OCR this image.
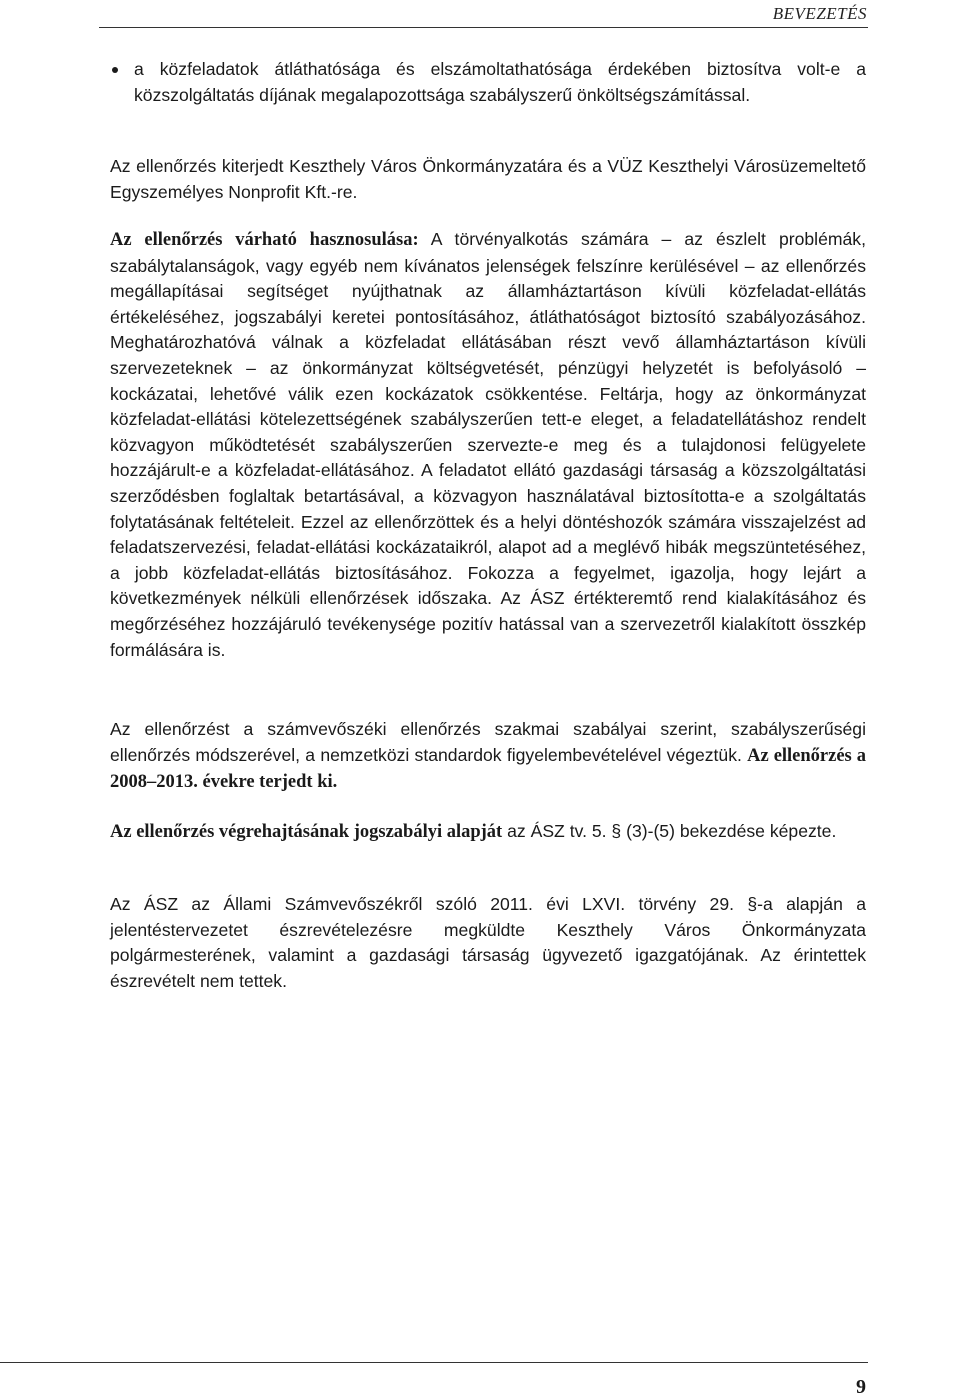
BEVEZETÉS
a közfeladatok átláthatósága és elszámoltathatósága érdekében biztosítva volt-e a közszolgáltatás díjának megalapozottsága szabályszerű önköltségszámítással.

Az ellenőrzés kiterjedt Keszthely Város Önkormányzatára és a VÜZ Keszthelyi Városüzemeltető Egyszemélyes Nonprofit Kft.-re.

Az ellenőrzés várható hasznosulása: A törvényalkotás számára – az észlelt problémák, szabálytalanságok, vagy egyéb nem kívánatos jelenségek felszínre kerülésével – az ellenőrzés megállapításai segítséget nyújthatnak az államháztartáson kívüli közfeladat-ellátás értékeléséhez, jogszabályi keretei pontosításához, átláthatóságot biztosító szabályozásához. Meghatározhatóvá válnak a közfeladat ellátásában részt vevő államháztartáson kívüli szervezeteknek – az önkormányzat költségvetését, pénzügyi helyzetét is befolyásoló – kockázatai, lehetővé válik ezen kockázatok csökkentése. Feltárja, hogy az önkormányzat közfeladat-ellátási kötelezettségének szabályszerűen tett-e eleget, a feladatellátáshoz rendelt közvagyon működtetését szabályszerűen szervezte-e meg és a tulajdonosi felügyelete hozzájárult-e a közfeladat-ellátásához. A feladatot ellátó gazdasági társaság a közszolgáltatási szerződésben foglaltak betartásával, a közvagyon használatával biztosította-e a szolgáltatás folytatásának feltételeit. Ezzel az ellenőrzöttek és a helyi döntéshozók számára visszajelzést ad feladatszervezési, feladat-ellátási kockázataikról, alapot ad a meglévő hibák megszüntetéséhez, a jobb közfeladat-ellátás biztosításához. Fokozza a fegyelmet, igazolja, hogy lejárt a következmények nélküli ellenőrzések időszaka. Az ÁSZ értékteremtő rend kialakításához és megőrzéséhez hozzájáruló tevékenysége pozitív hatással van a szervezetről kialakított összkép formálására is.

Az ellenőrzést a számvevőszéki ellenőrzés szakmai szabályai szerint, szabályszerűségi ellenőrzés módszerével, a nemzetközi standardok figyelembevételével végeztük. Az ellenőrzés a 2008–2013. évekre terjedt ki.

Az ellenőrzés végrehajtásának jogszabályi alapját az ÁSZ tv. 5. § (3)-(5) bekezdése képezte.

Az ÁSZ az Állami Számvevőszékről szóló 2011. évi LXVI. törvény 29. §-a alapján a jelentéstervezetet észrevételezésre megküldte Keszthely Város Önkormányzata polgármesterének, valamint a gazdasági társaság ügyvezető igazgatójának. Az érintettek észrevételt nem tettek.

9
